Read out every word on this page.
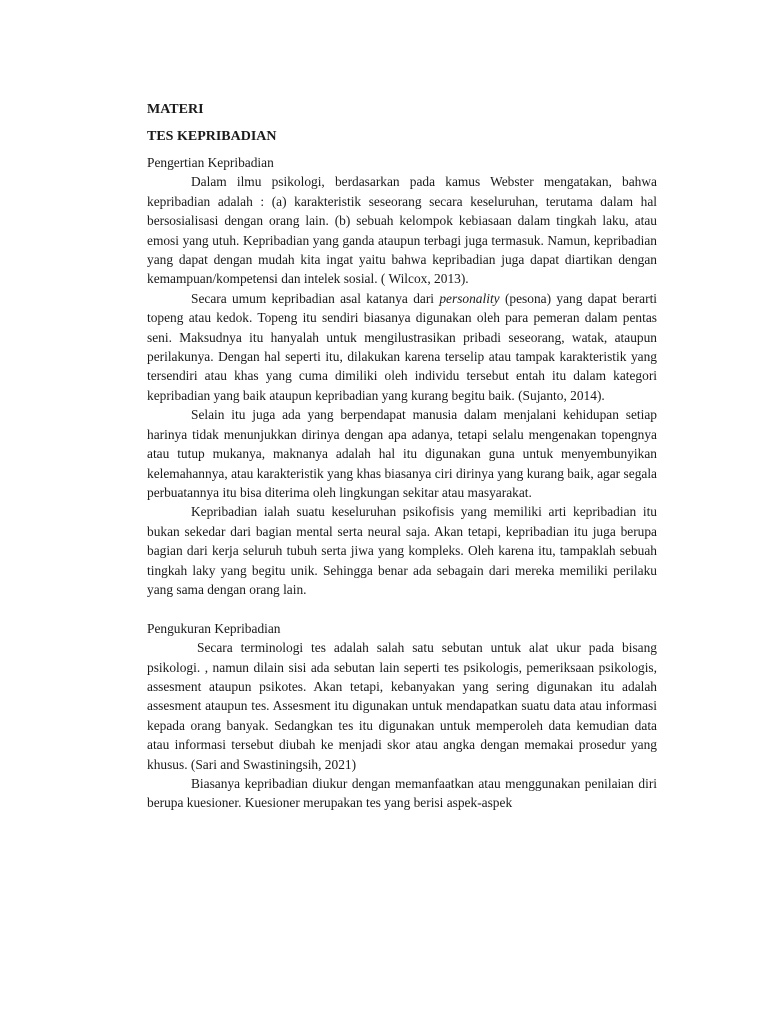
MATERI
TES KEPRIBADIAN
Pengertian Kepribadian

Dalam ilmu psikologi, berdasarkan pada kamus Webster mengatakan, bahwa kepribadian adalah : (a) karakteristik seseorang secara keseluruhan, terutama dalam hal bersosialisasi dengan orang lain. (b) sebuah kelompok kebiasaan dalam tingkah laku, atau emosi yang utuh. Kepribadian yang ganda ataupun terbagi juga termasuk. Namun, kepribadian yang dapat dengan mudah kita ingat yaitu bahwa kepribadian juga dapat diartikan dengan kemampuan/kompetensi dan intelek sosial. ( Wilcox, 2013).

Secara umum kepribadian asal katanya dari personality (pesona) yang dapat berarti topeng atau kedok. Topeng itu sendiri biasanya digunakan oleh para pemeran dalam pentas seni. Maksudnya itu hanyalah untuk mengilustrasikan pribadi seseorang, watak, ataupun perilakunya. Dengan hal seperti itu, dilakukan karena terselip atau tampak karakteristik yang tersendiri atau khas yang cuma dimiliki oleh individu tersebut entah itu dalam kategori kepribadian yang baik ataupun kepribadian yang kurang begitu baik. (Sujanto, 2014).

Selain itu juga ada yang berpendapat manusia dalam menjalani kehidupan setiap harinya tidak menunjukkan dirinya dengan apa adanya, tetapi selalu mengenakan topengnya atau tutup mukanya, maknanya adalah hal itu digunakan guna untuk menyembunyikan kelemahannya, atau karakteristik yang khas biasanya ciri dirinya yang kurang baik, agar segala perbuatannya itu bisa diterima oleh lingkungan sekitar atau masyarakat.

Kepribadian ialah suatu keseluruhan psikofisis yang memiliki arti kepribadian itu bukan sekedar dari bagian mental serta neural saja. Akan tetapi, kepribadian itu juga berupa bagian dari kerja seluruh tubuh serta jiwa yang kompleks. Oleh karena itu, tampaklah sebuah tingkah laky yang begitu unik. Sehingga benar ada sebagain dari mereka memiliki perilaku yang sama dengan orang lain.

Pengukuran Kepribadian

Secara terminologi tes adalah salah satu sebutan untuk alat ukur pada bisang psikologi. , namun dilain sisi ada sebutan lain seperti tes psikologis, pemeriksaan psikologis, assesment ataupun psikotes. Akan tetapi, kebanyakan yang sering digunakan itu adalah assesment ataupun tes. Assesment itu digunakan untuk mendapatkan suatu data atau informasi kepada orang banyak. Sedangkan tes itu digunakan untuk memperoleh data kemudian data atau informasi tersebut diubah ke menjadi skor atau angka dengan memakai prosedur yang khusus. (Sari and Swastiningsih, 2021)

Biasanya kepribadian diukur dengan memanfaatkan atau menggunakan penilaian diri berupa kuesioner. Kuesioner merupakan tes yang berisi aspek-aspek
